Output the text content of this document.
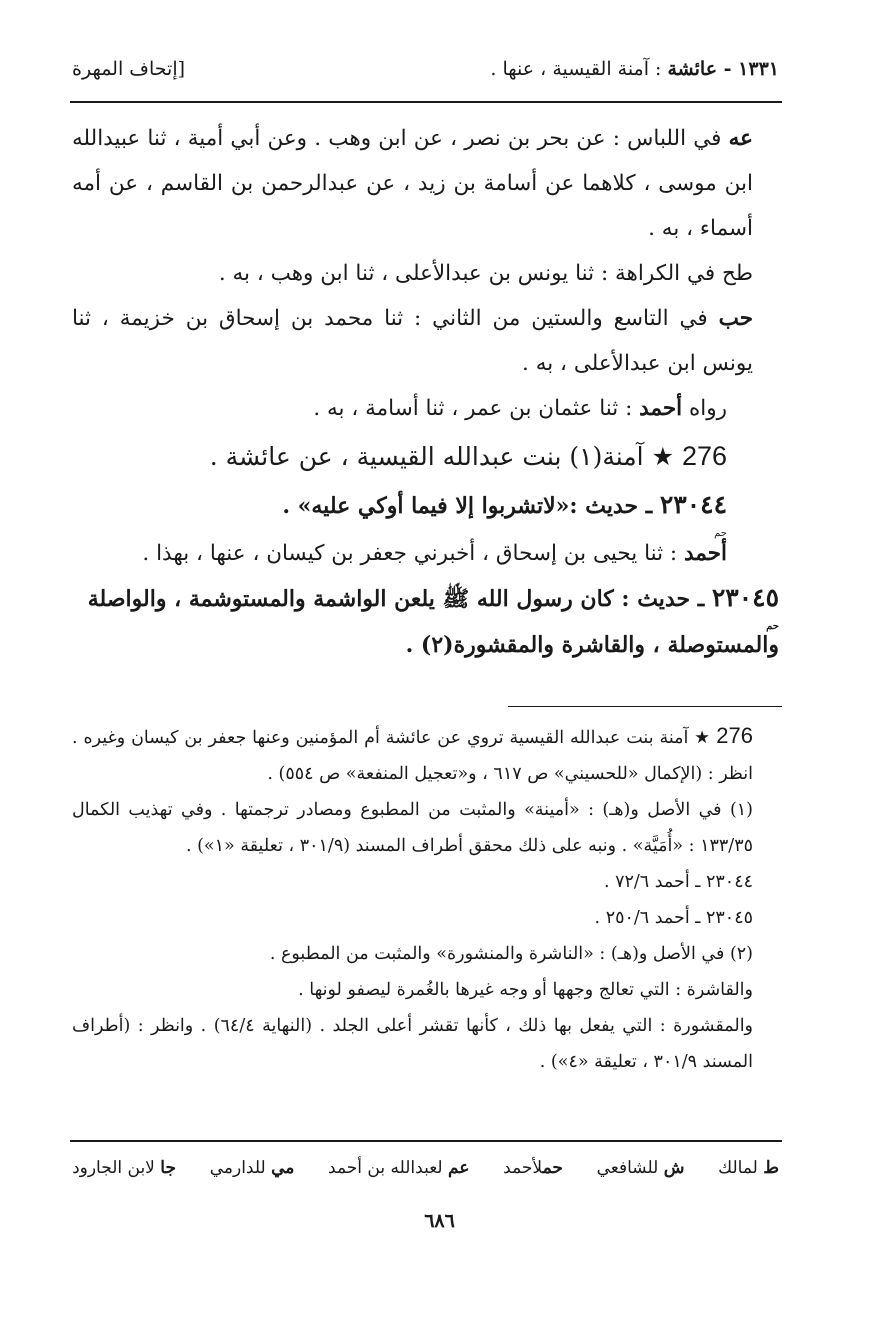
١٣٣١ - عائشة : آمنة القيسية ، عنها .
[إتحاف المهرة

عه في اللباس : عن بحر بن نصر ، عن ابن وهب . وعن أبي أمية ، ثنا عبيدالله ابن موسى ، كلاهما عن أسامة بن زيد ، عن عبدالرحمن بن القاسم ، عن أمه أسماء ، به .

طح في الكراهة : ثنا يونس بن عبدالأعلى ، ثنا ابن وهب ، به .

حب في التاسع والستين من الثاني : ثنا محمد بن إسحاق بن خزيمة ، ثنا يونس ابن عبدالأعلى ، به .

رواه أحمد : ثنا عثمان بن عمر ، ثنا أسامة ، به .

276 ★ آمنة(١) بنت عبدالله القيسية ، عن عائشة .

٢٣٠٤٤ ـ حديث :«لاتشربوا إلا فيما أوكي عليه» .

حم
أحمد : ثنا يحيى بن إسحاق ، أخبرني جعفر بن كيسان ، عنها ، بهذا .

٢٣٠٤٥ ـ حديث : كان رسول الله ﷺ يلعن الواشمة والمستوشمة ، والواصلة

حم
والمستوصلة ، والقاشرة والمقشورة(٢) .

276 ★ آمنة بنت عبدالله القيسية تروي عن عائشة أم المؤمنين وعنها جعفر بن كيسان وغيره . انظر : (الإكمال «للحسيني» ص ٦١٧ ، و«تعجيل المنفعة» ص ٥٥٤) .

(١) في الأصل و(هـ) : «أمينة» والمثبت من المطبوع ومصادر ترجمتها . وفي تهذيب الكمال ١٣٣/٣٥ : «أُمَيَّة» . ونبه على ذلك محقق أطراف المسند (٣٠١/٩ ، تعليقة «١») .

٢٣٠٤٤ ـ أحمد ٧٢/٦ .

٢٣٠٤٥ ـ أحمد ٢٥٠/٦ .

(٢) في الأصل و(هـ) : «الناشرة والمنشورة» والمثبت من المطبوع .

والقاشرة : التي تعالج وجهها أو وجه غيرها بالغُمرة ليصفو لونها .

والمقشورة : التي يفعل بها ذلك ، كأنها تقشر أعلى الجلد . (النهاية ٦٤/٤) . وانظر : (أطراف المسند ٣٠١/٩ ، تعليقة «٤») .

ط لمالك
ش للشافعي
حملأحمد
عم لعبدالله بن أحمد
مي للدارمي
جا لابن الجارود
٦٨٦
